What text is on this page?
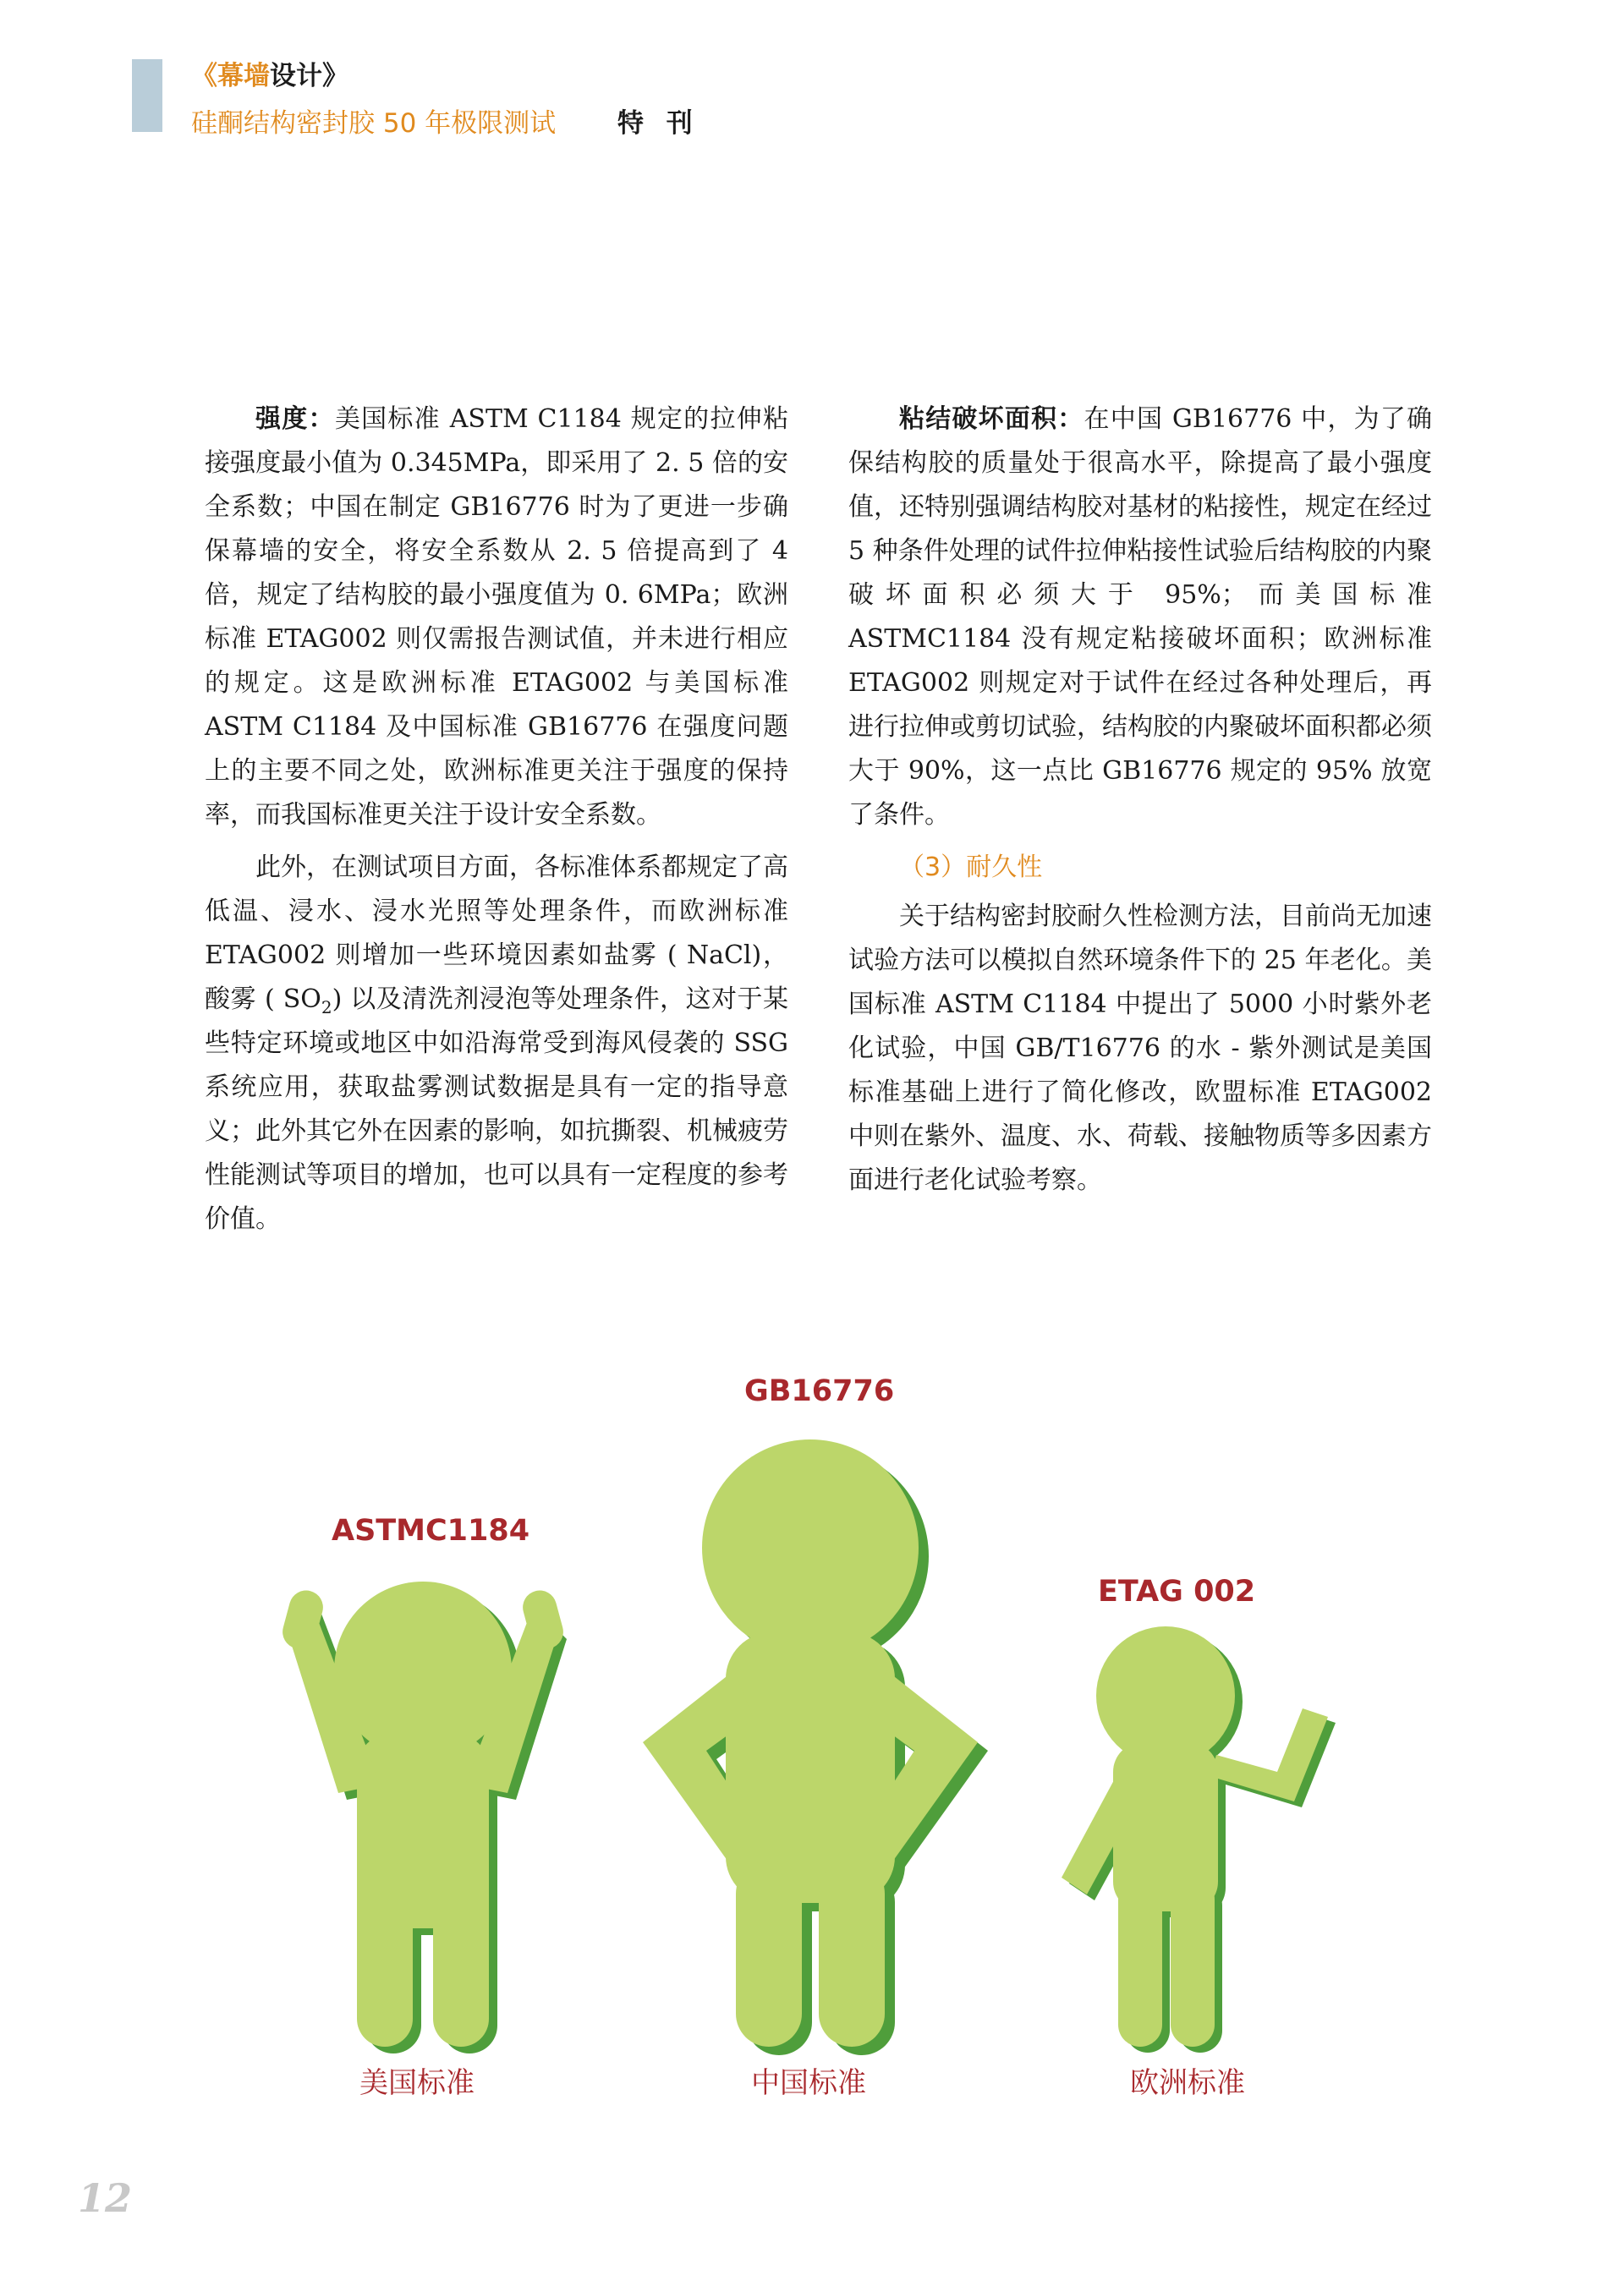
《幕墙设计》
硅酮结构密封胶 50 年极限测试 特 刊

强度：美国标准 ASTM C1184 规定的拉伸粘接强度最小值为 0.345MPa，即采用了 2. 5 倍的安全系数；中国在制定 GB16776 时为了更进一步确保幕墙的安全，将安全系数从 2. 5 倍提高到了 4 倍，规定了结构胶的最小强度值为 0. 6MPa；欧洲标准 ETAG002 则仅需报告测试值，并未进行相应的规定。这是欧洲标准 ETAG002 与美国标准 ASTM C1184 及中国标准 GB16776 在强度问题上的主要不同之处，欧洲标准更关注于强度的保持率，而我国标准更关注于设计安全系数。

此外，在测试项目方面，各标准体系都规定了高低温、浸水、浸水光照等处理条件，而欧洲标准 ETAG002 则增加一些环境因素如盐雾 ( NaCl)，酸雾 ( $SO_2$) 以及清洗剂浸泡等处理条件，这对于某些特定环境或地区中如沿海常受到海风侵袭的 SSG 系统应用，获取盐雾测试数据是具有一定的指导意义；此外其它外在因素的影响，如抗撕裂、机械疲劳性能测试等项目的增加，也可以具有一定程度的参考价值。

粘结破坏面积：在中国 GB16776 中，为了确保结构胶的质量处于很高水平，除提高了最小强度值，还特别强调结构胶对基材的粘接性，规定在经过 5 种条件处理的试件拉伸粘接性试验后结构胶的内聚破坏面积必须大于 95%；而美国标准 ASTMC1184 没有规定粘接破坏面积；欧洲标准 ETAG002 则规定对于试件在经过各种处理后，再进行拉伸或剪切试验，结构胶的内聚破坏面积都必须大于 90%，这一点比 GB16776 规定的 95% 放宽了条件。

（3）耐久性

关于结构密封胶耐久性检测方法，目前尚无加速试验方法可以模拟自然环境条件下的 25 年老化。美国标准 ASTM C1184 中提出了 5000 小时紫外老化试验，中国 GB/T16776 的水 - 紫外测试是美国标准基础上进行了简化修改，欧盟标准 ETAG002 中则在紫外、温度、水、荷载、接触物质等多因素方面进行老化试验考察。

ASTMC1184
GB16776
ETAG 002
美国标准	中国标准	欧洲标准
12
